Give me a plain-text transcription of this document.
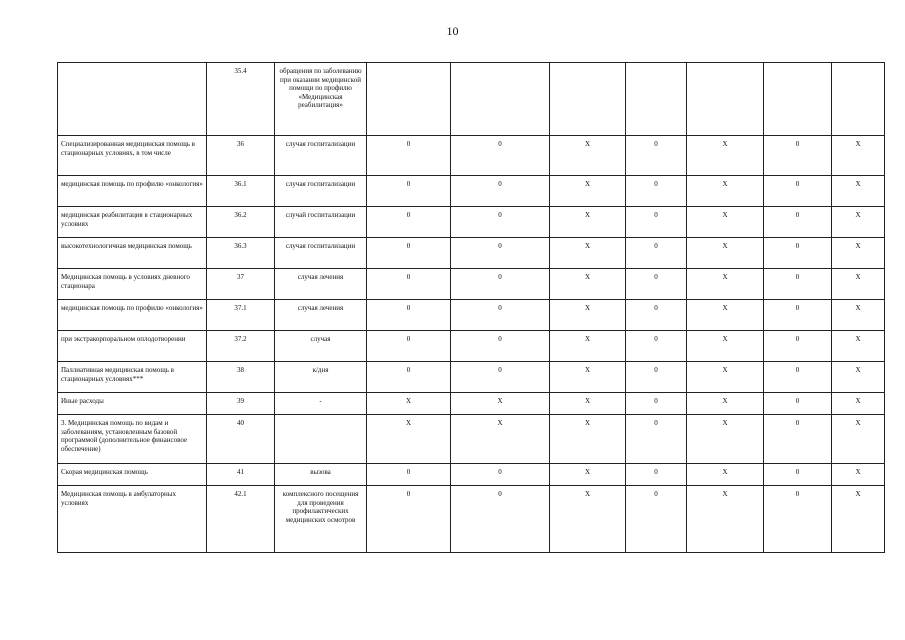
10
	35.4	обращения по заболеванию при оказании медицинской помощи по профилю «Медицинская реабилитация»							
Специализированная медицинская помощь в стационарных условиях, в том числе	36	случая госпитализации	0	0	X	0	X	0	X
медицинская помощь по профилю «онкология»	36.1	случая госпитализации	0	0	X	0	X	0	X
медицинская реабилитация в стационарных условиях	36.2	случай госпитализации	0	0	X	0	X	0	X
высокотехнологичная медицинская помощь	36.3	случая госпитализации	0	0	X	0	X	0	X
Медицинская помощь в условиях дневного стационара	37	случая лечения	0	0	X	0	X	0	X
медицинская помощь по профилю «онкология»	37.1	случая лечения	0	0	X	0	X	0	X
при экстракорпоральном оплодотворении	37.2	случая	0	0	X	0	X	0	X
Паллиативная медицинская помощь в стационарных условиях***	38	к/дня	0	0	X	0	X	0	X
Иные расходы	39	-	X	X	X	0	X	0	X
3. Медицинская помощь по видам и заболеваниям, установленным базовой программой (дополнительное финансовое обеспечение)	40		X	X	X	0	X	0	X
Скорая медицинская помощь	41	вызова	0	0	X	0	X	0	X
Медицинская помощь в амбулаторных условиях	42.1	комплексного посещения для проведения профилактических медицинских осмотров	0	0	X	0	X	0	X
